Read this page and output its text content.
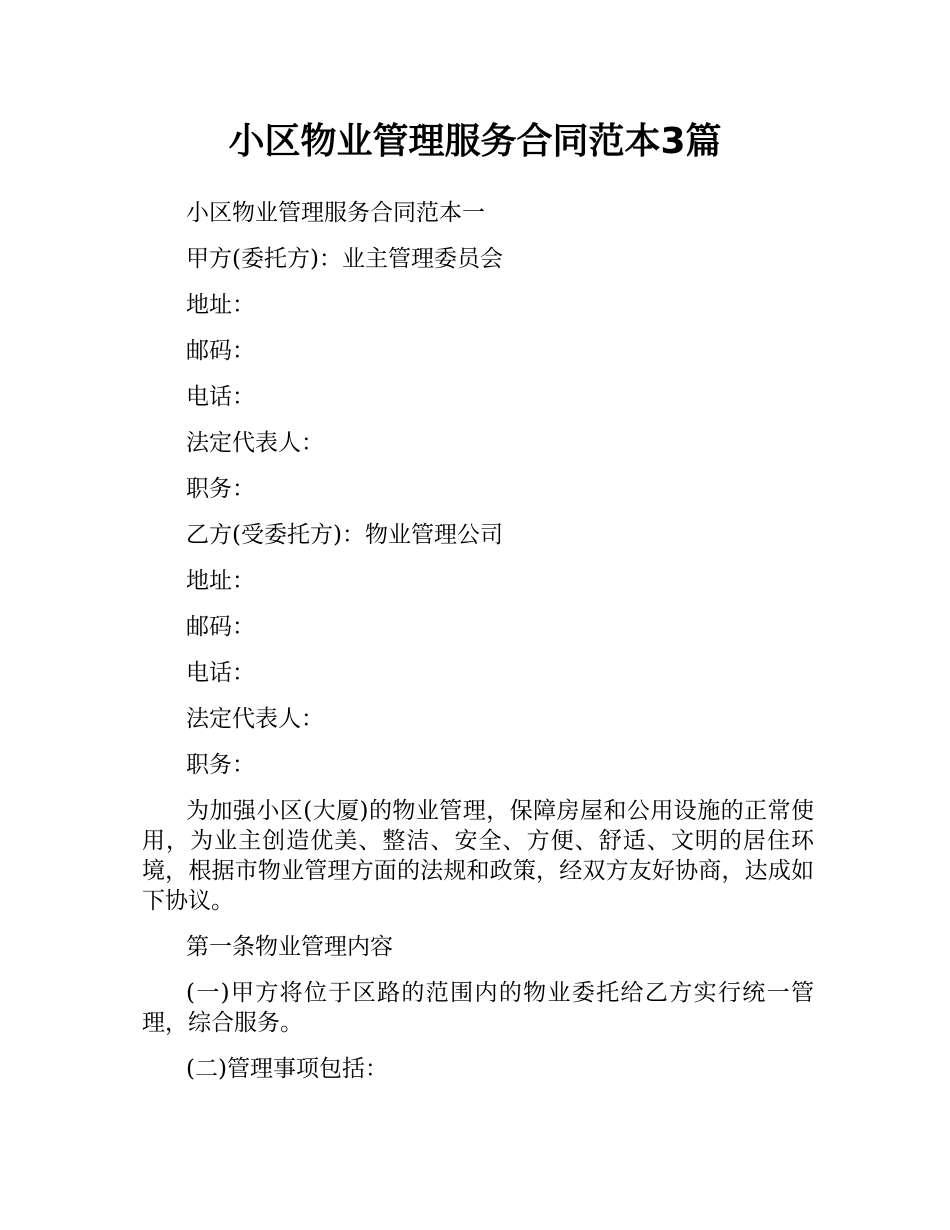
小区物业管理服务合同范本3篇

小区物业管理服务合同范本一

甲方(委托方)：业主管理委员会

地址：

邮码：

电话：

法定代表人：

职务：

乙方(受委托方)：物业管理公司

地址：

邮码：

电话：

法定代表人：

职务：

为加强小区(大厦)的物业管理，保障房屋和公用设施的正常使用，为业主创造优美、整洁、安全、方便、舒适、文明的居住环境，根据市物业管理方面的法规和政策，经双方友好协商，达成如下协议。

第一条物业管理内容

(一)甲方将位于区路的范围内的物业委托给乙方实行统一管理，综合服务。

(二)管理事项包括：
